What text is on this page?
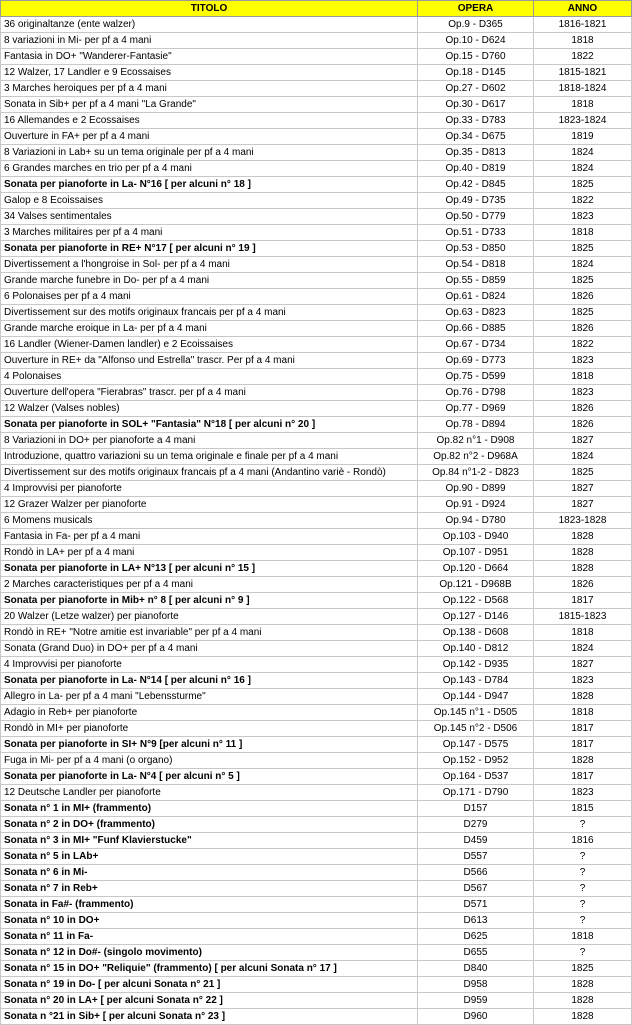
TITOLO	OPERA	ANNO
36 originaltanze (ente walzer)	Op.9 - D365	1816-1821
8 variazioni in Mi- per pf a 4 mani	Op.10 - D624	1818
Fantasia in DO+ "Wanderer-Fantasie"	Op.15 - D760	1822
12 Walzer, 17 Landler e 9 Ecossaises	Op.18 - D145	1815-1821
3 Marches heroiques per pf a 4 mani	Op.27 - D602	1818-1824
Sonata in Sib+ per pf a 4 mani "La Grande"	Op.30 - D617	1818
16 Allemandes e 2 Ecossaises	Op.33 - D783	1823-1824
Ouverture in FA+ per pf a 4 mani	Op.34 - D675	1819
8 Variazioni in Lab+ su un tema originale per pf a 4 mani	Op.35 - D813	1824
6 Grandes marches en trio per pf a 4 mani	Op.40 - D819	1824
Sonata per pianoforte in La- N°16 [ per alcuni n° 18 ]	Op.42 - D845	1825
Galop e 8 Ecoissaises	Op.49 - D735	1822
34 Valses sentimentales	Op.50 - D779	1823
3 Marches militaires per pf a 4 mani	Op.51 - D733	1818
Sonata per pianoforte in RE+ N°17 [ per alcuni n° 19 ]	Op.53 - D850	1825
Divertissement a l'hongroise in Sol- per pf a 4 mani	Op.54 - D818	1824
Grande marche funebre in Do- per pf a 4 mani	Op.55 - D859	1825
6 Polonaises per pf a 4 mani	Op.61 - D824	1826
Divertissement sur des motifs originaux francais per pf a 4 mani	Op.63 - D823	1825
Grande marche eroique in La- per pf a 4 mani	Op.66 - D885	1826
16 Landler (Wiener-Damen landler) e 2 Ecoissaises	Op.67 - D734	1822
Ouverture in RE+ da "Alfonso und Estrella" trascr. Per pf a 4 mani	Op.69 - D773	1823
4 Polonaises	Op.75 - D599	1818
Ouverture dell'opera "Fierabras" trascr. per pf a 4 mani	Op.76 - D798	1823
12 Walzer (Valses nobles)	Op.77 - D969	1826
Sonata per pianoforte in SOL+ "Fantasia" N°18 [ per alcuni n° 20 ]	Op.78 - D894	1826
8 Variazioni in DO+ per pianoforte a 4 mani	Op.82 n°1 - D908	1827
Introduzione, quattro variazioni su un tema originale e finale per pf a 4 mani	Op.82 n°2 - D968A	1824
Divertissement sur des motifs originaux francais pf a 4 mani (Andantino variè - Rondò)	Op.84 n°1-2 - D823	1825
4 Improvvisi per pianoforte	Op.90 - D899	1827
12 Grazer Walzer per pianoforte	Op.91 - D924	1827
6 Momens musicals	Op.94 - D780	1823-1828
Fantasia in Fa- per pf a 4 mani	Op.103 - D940	1828
Rondò in LA+ per pf a 4 mani	Op.107 - D951	1828
Sonata per pianoforte in LA+ N°13 [ per alcuni n° 15 ]	Op.120 - D664	1828
2 Marches caracteristiques per pf a 4 mani	Op.121 - D968B	1826
Sonata per pianoforte in Mib+ n° 8 [ per alcuni n° 9 ]	Op.122 - D568	1817
20 Walzer (Letze walzer) per pianoforte	Op.127 - D146	1815-1823
Rondò in RE+ "Notre amitie est invariable" per pf a 4 mani	Op.138 - D608	1818
Sonata (Grand Duo) in DO+ per pf a 4 mani	Op.140 - D812	1824
4 Improvvisi per pianoforte	Op.142 - D935	1827
Sonata per pianoforte in La- N°14 [ per alcuni n° 16 ]	Op.143 - D784	1823
Allegro in La- per pf a 4 mani "Lebenssturme"	Op.144 - D947	1828
Adagio in Reb+ per pianoforte	Op.145 n°1 - D505	1818
Rondò in MI+ per pianoforte	Op.145 n°2 - D506	1817
Sonata per pianoforte in SI+ N°9 [per alcuni n° 11 ]	Op.147 - D575	1817
Fuga in Mi- per pf a 4 mani (o organo)	Op.152 - D952	1828
Sonata per pianoforte in La- N°4 [ per alcuni n° 5 ]	Op.164 - D537	1817
12 Deutsche Landler per pianoforte	Op.171 - D790	1823
Sonata n° 1 in MI+ (frammento)	D157	1815
Sonata n° 2 in DO+ (frammento)	D279	?
Sonata n° 3 in MI+ "Funf Klavierstucke"	D459	1816
Sonata n° 5 in LAb+	D557	?
Sonata n° 6 in Mi-	D566	?
Sonata n° 7 in Reb+	D567	?
Sonata in Fa#- (frammento)	D571	?
Sonata n° 10 in DO+	D613	?
Sonata n° 11 in Fa-	D625	1818
Sonata n° 12 in Do#- (singolo movimento)	D655	?
Sonata n° 15 in DO+ "Reliquie" (frammento) [ per alcuni Sonata n° 17 ]	D840	1825
Sonata n° 19 in Do- [ per alcuni Sonata n° 21 ]	D958	1828
Sonata n° 20 in LA+ [ per alcuni Sonata n° 22 ]	D959	1828
Sonata n °21 in Sib+ [ per alcuni Sonata n° 23 ]	D960	1828
